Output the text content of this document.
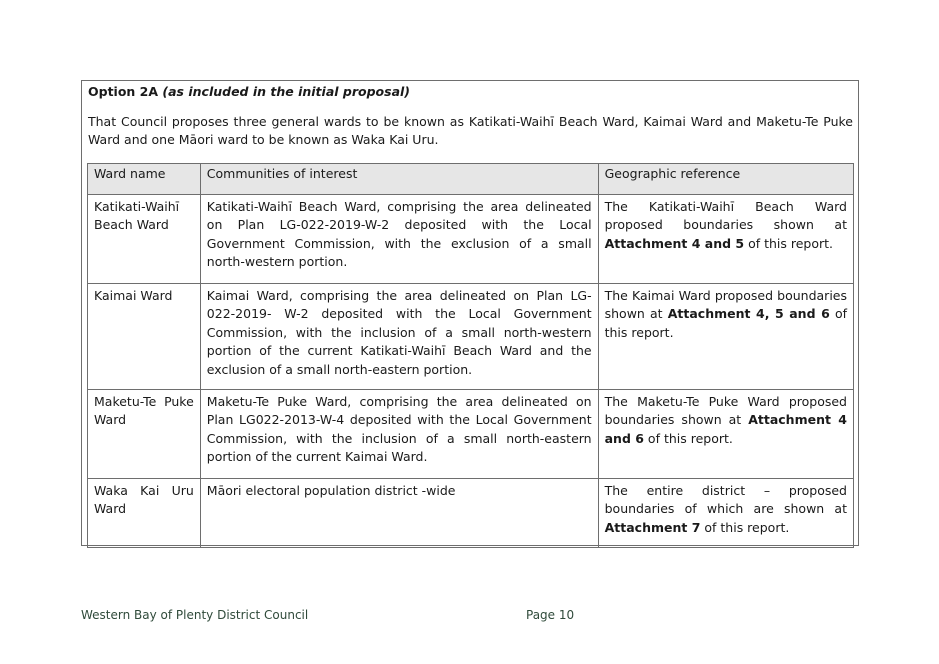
Option 2A (as included in the initial proposal)
That Council proposes three general wards to be known as Katikati-Waihī Beach Ward, Kaimai Ward and Maketu-Te Puke Ward and one Māori ward to be known as Waka Kai Uru.
Ward name	Communities of interest	Geographic reference
Katikati-Waihī Beach Ward	Katikati-Waihī Beach Ward, comprising the area delineated on Plan LG-022-2019-W-2 deposited with the Local Government Commission, with the exclusion of a small north-western portion.	The Katikati-Waihī Beach Ward proposed boundaries shown at Attachment 4 and 5 of this report.
Kaimai Ward	Kaimai Ward, comprising the area delineated on Plan LG-022-2019- W-2 deposited with the Local Government Commission, with the inclusion of a small north-western portion of the current Katikati-Waihī Beach Ward and the exclusion of a small north-eastern portion.	The Kaimai Ward proposed boundaries shown at Attachment 4, 5 and 6 of this report.
Maketu-Te Puke Ward	Maketu-Te Puke Ward, comprising the area delineated on Plan LG022-2013-W-4 deposited with the Local Government Commission, with the inclusion of a small north-eastern portion of the current Kaimai Ward.	The Maketu-Te Puke Ward proposed boundaries shown at Attachment 4 and 6 of this report.
Waka Kai Uru Ward	Māori electoral population district -wide	The entire district – proposed boundaries of which are shown at Attachment 7 of this report.
Western Bay of Plenty District Council	Page 10
